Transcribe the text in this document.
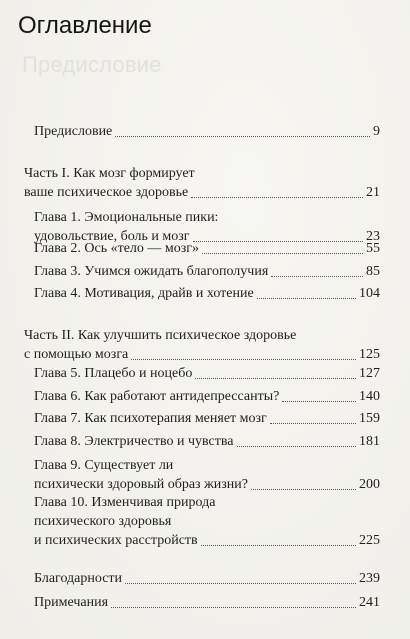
Предисловие
Оглавление
Предисловие	9
Часть I. Как мозг формирует
ваше психическое здоровье	21
Глава 1. Эмоциональные пики:
удовольствие, боль и мозг	23
Глава 2. Ось «тело — мозг»	55
Глава 3. Учимся ожидать благополучия	85
Глава 4. Мотивация, драйв и хотение	104
Часть II. Как улучшить психическое здоровье
с помощью мозга	125
Глава 5. Плацебо и ноцебо	127
Глава 6. Как работают антидепрессанты?	140
Глава 7. Как психотерапия меняет мозг	159
Глава 8. Электричество и чувства	181
Глава 9. Существует ли
психически здоровый образ жизни?	200
Глава 10. Изменчивая природа
психического здоровья
и психических расстройств	225
Благодарности	239
Примечания	241
